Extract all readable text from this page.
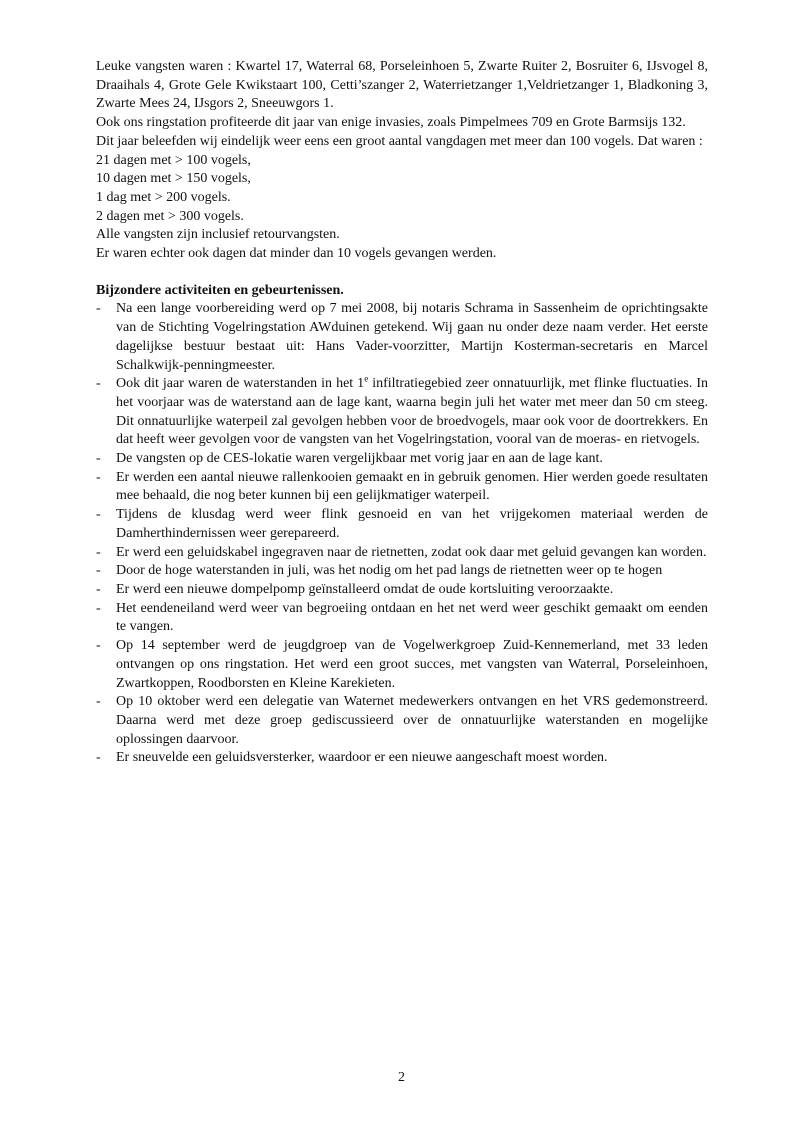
Leuke vangsten waren : Kwartel 17, Waterral 68, Porseleinhoen 5, Zwarte Ruiter 2, Bosruiter 6, IJsvogel 8, Draaihals 4, Grote Gele Kwikstaart 100, Cetti’szanger 2, Waterrietzanger 1,Veldrietzanger 1, Bladkoning 3, Zwarte Mees 24, IJsgors 2, Sneeuwgors 1.

Ook ons ringstation profiteerde dit jaar van enige invasies, zoals Pimpelmees 709 en Grote Barmsijs 132.

Dit jaar beleefden wij eindelijk weer eens een groot aantal vangdagen met meer dan 100 vogels. Dat waren :

21 dagen met > 100 vogels,

10 dagen met > 150 vogels,

1 dag met > 200 vogels.

2 dagen met > 300 vogels.

Alle vangsten zijn inclusief retourvangsten.

Er waren echter ook dagen dat minder dan 10 vogels gevangen werden.

Bijzondere activiteiten en gebeurtenissen.
- Na een lange voorbereiding werd op 7 mei 2008, bij notaris Schrama in Sassenheim de oprichtingsakte van de Stichting Vogelringstation AWduinen getekend. Wij gaan nu onder deze naam verder. Het eerste dagelijkse bestuur bestaat uit: Hans Vader-voorzitter, Martijn Kosterman-secretaris en Marcel Schalkwijk-penningmeester.
- Ook dit jaar waren de waterstanden in het 1e infiltratiegebied zeer onnatuurlijk, met flinke fluctuaties. In het voorjaar was de waterstand aan de lage kant, waarna begin juli het water met meer dan 50 cm steeg. Dit onnatuurlijke waterpeil zal gevolgen hebben voor de broedvogels, maar ook voor de doortrekkers. En dat heeft weer gevolgen voor de vangsten van het Vogelringstation, vooral van de moeras- en rietvogels.
- De vangsten op de CES-lokatie waren vergelijkbaar met vorig jaar en aan de lage kant.
- Er werden een aantal nieuwe rallenkooien gemaakt en in gebruik genomen. Hier werden goede resultaten mee behaald, die nog beter kunnen bij een gelijkmatiger waterpeil.
- Tijdens de klusdag werd weer flink gesnoeid en van het vrijgekomen materiaal werden de Damherthindernissen weer gerepareerd.
- Er werd een geluidskabel ingegraven naar de rietnetten, zodat ook daar met geluid gevangen kan worden.
- Door de hoge waterstanden in juli, was het nodig om het pad langs de rietnetten weer op te hogen
- Er werd een nieuwe dompelpomp geïnstalleerd omdat de oude kortsluiting veroorzaakte.
- Het eendeneiland werd weer van begroeiing ontdaan en het net werd weer geschikt gemaakt om eenden te vangen.
- Op 14 september werd de jeugdgroep van de Vogelwerkgroep Zuid-Kennemerland, met 33 leden ontvangen op ons ringstation. Het werd een groot succes, met vangsten van Waterral, Porseleinhoen, Zwartkoppen, Roodborsten en Kleine Karekieten.
- Op 10 oktober werd een delegatie van Waternet medewerkers ontvangen en het VRS gedemonstreerd. Daarna werd met deze groep gediscussieerd over de onnatuurlijke waterstanden en mogelijke oplossingen daarvoor.
- Er sneuvelde een geluidsversterker, waardoor er een nieuwe aangeschaft moest worden.
2
